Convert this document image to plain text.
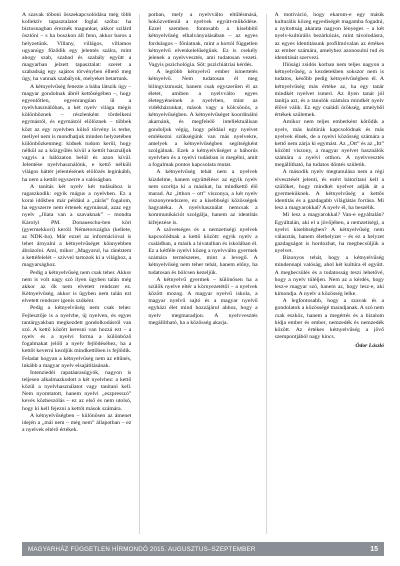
A szavak töboni összekapcsolódása még több kollektív tapasztalatot foglal szóba: ha biztosnagban éreznék magunkat, akkor szilárd ösztöni – s ha boszkon áll fenn, akkor baros a helyzetünk. Villany, villágos, villamos ugyanúgy fűződik egy jelentés szálra, mint ahogy szab, szabad és szabály együtt a magyarban jelzett tapasztalat: szeret a szabadság egy sajátos törvényben élhető meg úgy, ha vannak szabályok, melyeket betartunk.

A kétnyelvűség fenezte a bába látszik úgy – magyar gondolnak ábrél kettőségében –, hogy egyenlőtlen, egyenrangúan ül a nyelvhasználóban, a két nyelv világa mégis különböznek – részlenként tördelkeni egymástól, és egymástól elölöznek – többek közt az egy nyelvben külső törvény is terhe, mellyel nem is mondhatjuk minden helyzetében különbözkenmeg: kidnek tudom kerül, hogy nélkül az a közgyűlés kívül a kettőt használjuk vagyis a hálózaton belül és azon kívül. Jelentése nyelvhasználónk, e kettő nélküli világos háttér jelentésének elölözés leginkább, ha nem a kettőt egyszerre a valóságban.

A tanítás két nyelv két tudásához is ragaszkodik: egyik mágus a nyelvben. Ez a korai időkben már például a „zárás” fogalom, ha egyszerre nem értenek egymással, azaz egy nyelv „Jilata van a szavaknak” – mondta Károlyi PM. Donaueschu-ben köri (gyermekkori) keróli Németországba (kellete, az NDK-ba). Már ezzel az információval is lehet árnyalni a kétnyelvűséget könnyebben ábrázolni. Ami, mikor „Magyarul, ha ránéztem a kettéfelelét – szívvel tartozok ki a világhoz, a magyarsághoz.

Pedig a kétnyelvűség nem csak teher. Akkor nem is volt nagy szó ilyen ügyben talán még akkor az ők nem elvetett rendszer ez. Kétnyelvűség, akkor is ügyben nem talán ezt elvetett rendszer igenis szóként.

Pedig a kétnyelvűség nem csak teher. Fejlesztője is a nyelvbe, új nyelven, és egyes tantárgyakban megkezdett gondolkodásról van szó. A kettő között keresni van hozzá ezt – a nyelv és a nyelvi forma a különböző fogalmakat jelöli a nyelv fejlődéséhez, ha a kettőt keverni kezdjük mindkettőben is fejlődik. Feladat hogyan a kétnyelvűség nem az eltűnés, inkább a magyar nyelv elsajátításának.

Intenziedéi rapatáarasúgyók, nagyon is teljesen alkalmazkodott a két nyelvhez: a kettő közül a nyelvhasználatot vagy tanítani kell. Nem nyomtatott, hanem nyelvi „eszpresszó” kevés közbeszólás – ez az első és nem utolsó, hogy ki kell fejezni a kettőt mások számára.

A kétnyelvűségben – különösen az ámenet idején a „mái nem – még nem” állapotban – ez a nyelvek eltérő értékek.

potban, mely a nyelvválto eltűlésmásá, hoközvetlenül a nyelvek együtt-működése. Ezzel szemben fontosabb a kisebbítő kétnyelvűség elhalványulásában – az egyes fordulagos – főnlatnak, mint a kortól független kétnyelvű elvenkelelűségünk. Ez is csekély jelenek a nyelvvesztés, ami tudatosan vezeti. Vagyis pszichológia. Sőt: pszichiátriai kérdés.

A legtöbb kétnyelvű ember ismertetés kétnyelvű. Nem tudatosan él meg bilingvizmusát, hanem csak egyszerűen él az életet, amiben a nyelvválto egyes életegyéneinek a nyelvben, mint az vidékházunkat, mások vagy a kölcsönös, a kétnyelvűségben. A kétnyelvűséget koordinálni akarnánk, és megfelelő intellektuálisan gondoljuk végig, hogy például egy nyelvet emlékezni szükségünk van más nyelvekre, amelyek a kétnyelvűségben segítségként szolgálnak. Ezek a kétnyelvűséget a háborús nyelvben és a nyelvi tudásban is megélni, amit a fogalmak pontos kapcsolata mutat.

A kétnyelvűség tehát nem a nyelvek küzdelme, hanem együttélése: az egyik nyelv nem szorítja ki a másikat, ha mindkettő élő marad. Az „itthon – ott” viszonya, a két nyelv viszonyrendszere, ez a kisebbségi közösségek hagyatéka. A nyelvhasználat nemcsak a kommunikációt szolgálja, hanem az identitás kifejezése is.

A szövetséges és a nemzetiségi nyelvek kapcsolódnak a kettő között: egyik nyelv a családban, a másik a hivatalban és iskolában él. Ez a kétféle nyelvi közeg a nyelvválto gyermek számára természetes, mint a levegő. A kétnyelvűség nem teher tehát, hanem előny, ha tudatosan és bölcsen kezeljük.

A kétnyelvű gyermek – különösen ha a szülők nyelve eltér a környezetétől – a nyelvek között mozog. A magyar nyelvű iskola, a magyar nyelvű sajtó és a magyar nyelvű egyházi élet mind hozzájárul ahhoz, hogy a nyelv megmaradjon. A nyelvvesztés megállítható, ha a közösség akarja.

A motiváció, hogy ekarom-e egy másik kulturális közeg egyediségét magamba fogadni, a nyitottság akarata nagyon lényeges – a két nyelv-kultúrális bezárkózás, mint távolodásra, az egyes identitásunk profilmóvalan az értékes az ember számára, amelyhez azonosulni tud és identitását szervezi.

Ifiúsági zsidós korban nem teljes nagyon a kétnyelvűség, a kezdetekben sokszor nem is tudatos, később pedig kétnyelvűségben él. A kétnyelvűség más értéke az, ha egy tanár mindkét nyelvet ismeri. Az ilyen tanár jól tanítja azt, és a tanulók számára mindkét nyelv élővé válik. Ez egy családi örökség, amelyből értékek születnek.

Amikor nem teljes emberként kötődik a nyelv, más kultúrák kapcsolódnak és más nyelvek élnek, de a nyelvi közösség számára a kettő nem zárja ki egymást. Az „Ott” és az „Itt” közötti viszony, a magyar nyelvet használók számára a nyelvi otthon. A nyelvvesztés megállítható, ha tudatos döntés születik.

A második nyelv megtanulása nem a régi elvesztését jelenti, és ezért bátorítani kell a szülőket, hogy mindkét nyelvet adják át a gyermeküknek. A kétnyelvűség a kettős identitás és a gazdagabb világlátás forrása. Mi lesz a magyarokkal? A nyelv él, ha beszélik.

Mi lesz a magyarokkal? Van-e egyáltalán? Egyáltalán, aki el a jövőjében, a nemzetiségi, a nyelvi kisebbségben? A kétnyelvűség nem választás, hanem élethelyzet – és ez a helyzet gazdagságot is hordozhat, ha megbecsüljük a nyelvet.

Bizonyos tehát, hogy a kétnyelvűség mindennapi valóság, ahol két kultúra él együtt. A megbecsülés és a tudatosság teszi lehetővé, hogy a nyelv túléljen. Nem az a kérdés, hogy lesz-e magyar szó, hanem az, hogy lesz-e, aki kimondja. A nyelv a közösség lelke.

A legfontosabb, hogy a szavak és a gondolatok a közösségé maradjanak. A szó nem csak eszköz, hanem a megértés és a bizalom hídja ember és ember, nemzedék és nemzedék között. Az értékes kétnyelvűség a jövő szempontjából nagy kincs.

Ódor László

MAGYARHÁZ FÜGGETLEN HÍRMONDÓ 2015. AUGUSZTUS–SZEPTEMBER	15
